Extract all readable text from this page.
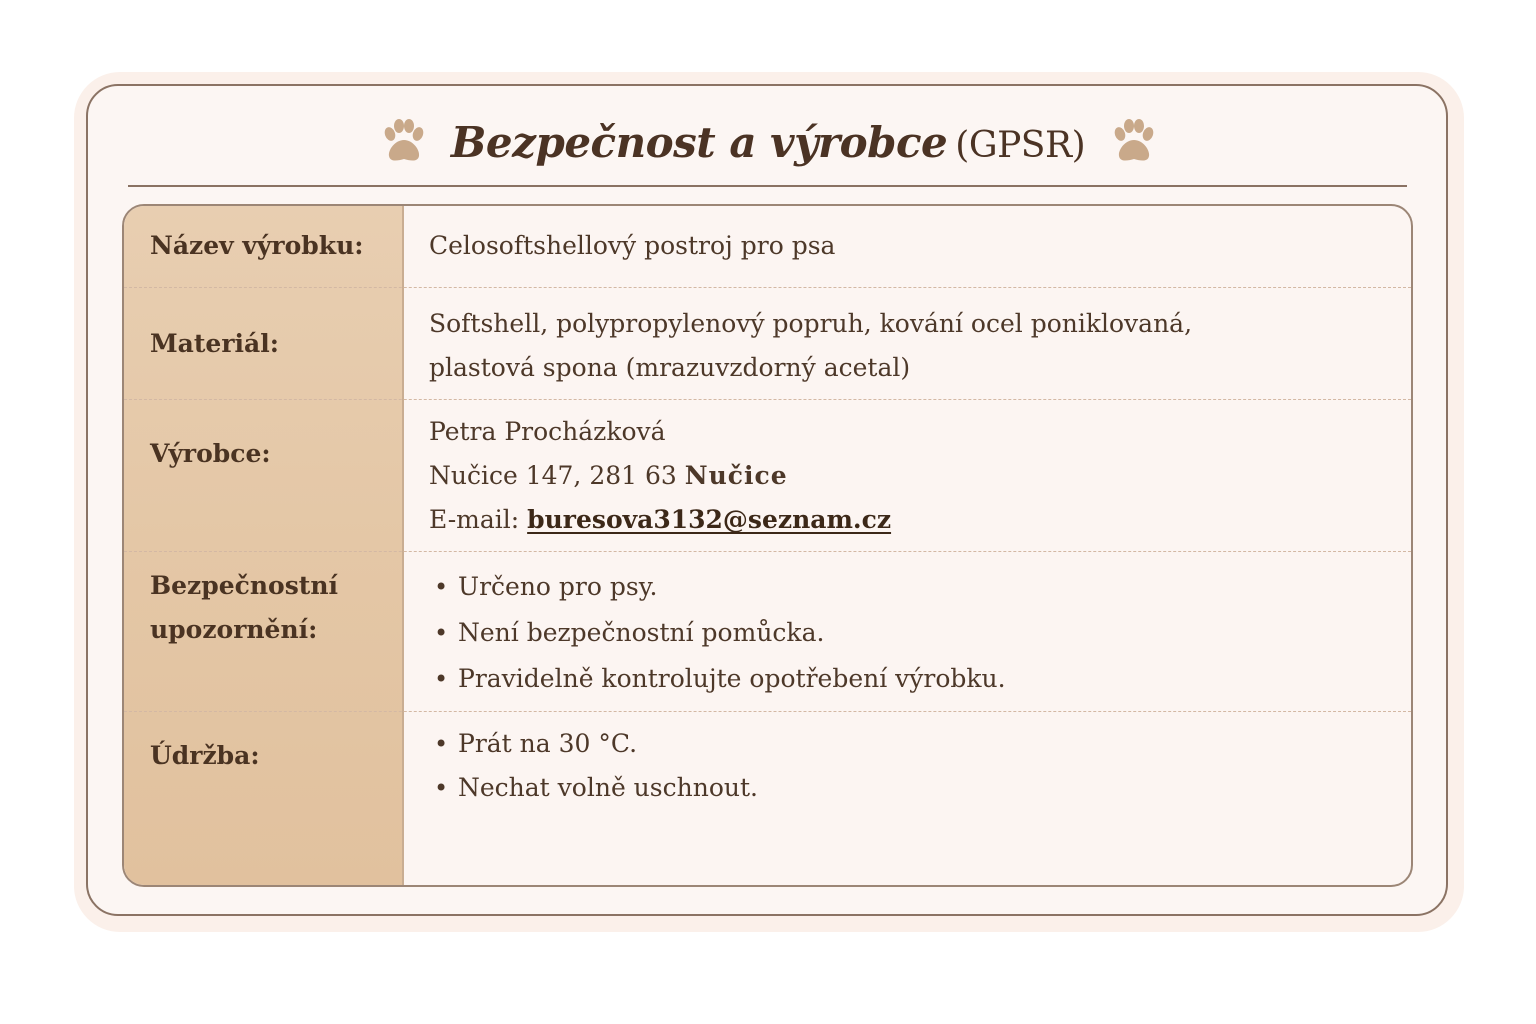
Bezpečnost a výrobce (GPSR)
Název výrobku:	Celosoftshellový postroj pro psa
Materiál:
Softshell, polypropylenový popruh, kování ocel poniklovaná,
plastová spona (mrazuvzdorný acetal)
Výrobce:
Petra Procházková
Nučice 147, 281 63 Nučice
E-mail: buresova3132@seznam.cz
Bezpečnostní
upozornění:
• Určeno pro psy.
• Není bezpečnostní pomůcka.
• Pravidelně kontrolujte opotřebení výrobku.
Údržba:
•	Prát na 30 °C.
• Nechat volně uschnout.
